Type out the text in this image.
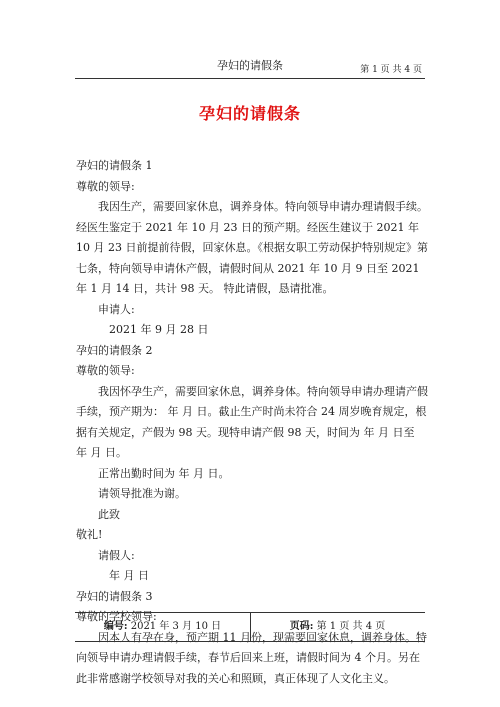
孕妇的请假条	第 1 页 共 4 页
孕妇的请假条

孕妇的请假条 1

尊敬的领导:

我因生产，需要回家休息，调养身体。特向领导申请办理请假手续。经医生鉴定于 2021 年 10 月 23 日的预产期。经医生建议于 2021 年 10 月 23 日前提前待假，回家休息。《根据女职工劳动保护特别规定》第七条，特向领导申请休产假，请假时间从 2021 年 10 月 9 日至 2021 年 1 月 14 日，共计 98 天。 特此请假，恳请批准。

申请人:

2021 年 9 月 28 日

孕妇的请假条 2

尊敬的领导:

我因怀孕生产，需要回家休息，调养身体。特向领导申请办理请产假手续，预产期为： 年 月 日。截止生产时尚未符合 24 周岁晚育规定，根据有关规定，产假为 98 天。现特申请产假 98 天，时间为 年 月 日至 年 月 日。

正常出勤时间为 年 月 日。

请领导批准为谢。

此致

敬礼!

请假人:

年 月 日

孕妇的请假条 3

尊敬的学校领导:

因本人有孕在身，预产期 11 月份，现需要回家休息，调养身体。特向领导申请办理请假手续，春节后回来上班，请假时间为 4 个月。另在此非常感谢学校领导对我的关心和照顾，真正体现了人文化主义。

编号: 2021 年 3 月 10 日	页码: 第 1 页 共 4 页
